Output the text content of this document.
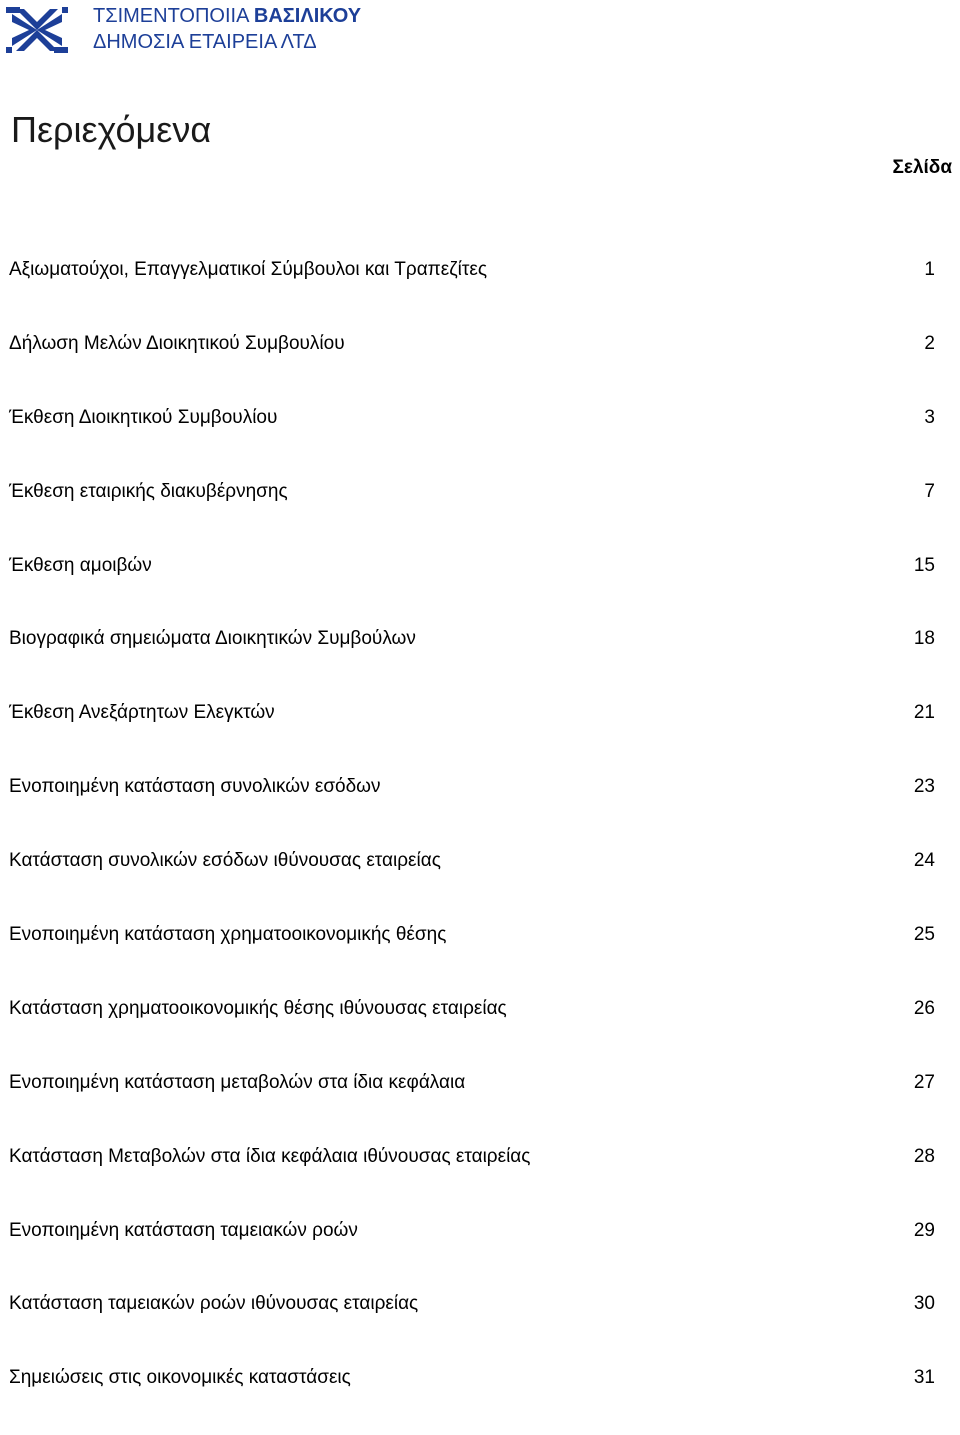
ΤΣΙΜΕΝΤΟΠΟΙΙΑ ΒΑΣΙΛΙΚΟΥ
ΔΗΜΟΣΙΑ ΕΤΑΙΡΕΙΑ ΛΤΔ
Περιεχόμενα
Σελίδα
Αξιωματούχοι, Επαγγελματικοί Σύμβουλοι και Τραπεζίτες	1
Δήλωση Μελών Διοικητικού Συμβουλίου	2
Έκθεση Διοικητικού Συμβουλίου	3
Έκθεση εταιρικής διακυβέρνησης	7
Έκθεση αμοιβών	15
Βιογραφικά σημειώματα Διοικητικών Συμβούλων	18
Έκθεση Ανεξάρτητων Ελεγκτών	21
Ενοποιημένη κατάσταση συνολικών εσόδων	23
Κατάσταση συνολικών εσόδων ιθύνουσας εταιρείας	24
Ενοποιημένη κατάσταση χρηματοοικονομικής θέσης	25
Κατάσταση χρηματοοικονομικής θέσης ιθύνουσας εταιρείας	26
Ενοποιημένη κατάσταση μεταβολών στα ίδια κεφάλαια	27
Κατάσταση Μεταβολών στα ίδια κεφάλαια ιθύνουσας εταιρείας	28
Ενοποιημένη κατάσταση ταμειακών ροών	29
Κατάσταση ταμειακών ροών ιθύνουσας εταιρείας	30
Σημειώσεις στις οικονομικές καταστάσεις	31
